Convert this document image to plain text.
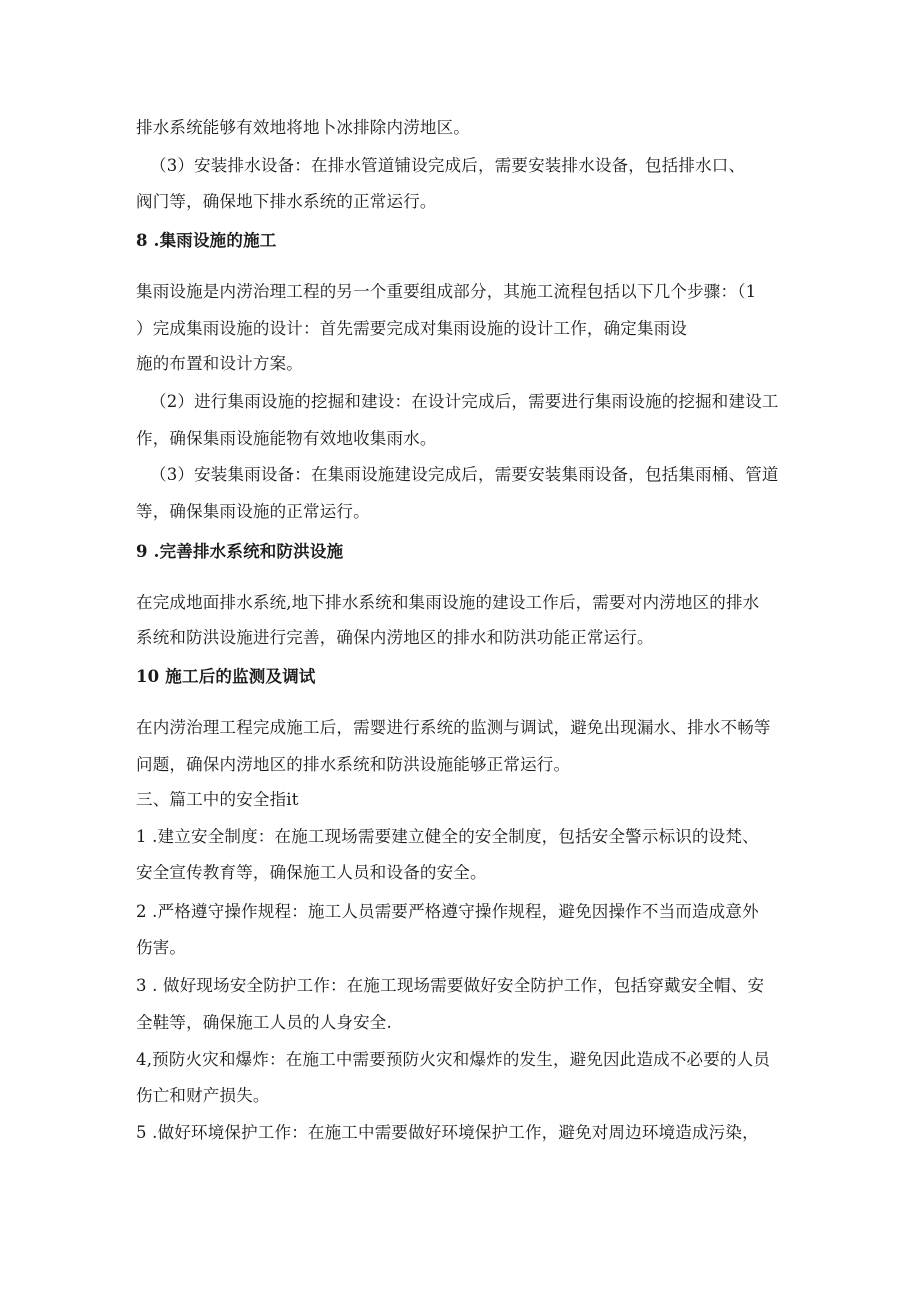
排水系统能够有效地将地卜冰排除内涝地区。
（3）安装排水设备：在排水管道铺设完成后，需要安装排水设备，包括排水口、
阀门等，确保地下排水系统的正常运行。
8 .集雨设施的施工
集雨设施是内涝治理工程的另一个重要组成部分，其施工流程包括以下几个步骤：（1
）完成集雨设施的设计：首先需要完成对集雨设施的设计工作，确定集雨设
施的布置和设计方案。
（2）进行集雨设施的挖掘和建设：在设计完成后，需要进行集雨设施的挖掘和建设工
作，确保集雨设施能物有效地收集雨水。
（3）安装集雨设备：在集雨设施建设完成后，需要安装集雨设备，包括集雨桶、管道
等，确保集雨设施的正常运行。
9 .完善排水系统和防洪设施
在完成地面排水系统,地下排水系统和集雨设施的建设工作后，需要对内涝地区的排水
系统和防洪设施进行完善，确保内涝地区的排水和防洪功能正常运行。
10 施工后的监测及调试
在内涝治理工程完成施工后，需婴进行系统的监测与调试，避免出现漏水、排水不畅等
问题，确保内涝地区的排水系统和防洪设施能够正常运行。
三、篇工中的安全指it
1 .建立安全制度：在施工现场需要建立健全的安全制度，包括安全警示标识的设梵、
安全宣传教育等，确保施工人员和设备的安全。
2 .严格遵守操作规程：施工人员需要严格遵守操作规程，避免因操作不当而造成意外
伤害。
3 . 做好现场安全防护工作：在施工现场需要做好安全防护工作，包括穿戴安全帽、安
全鞋等，确保施工人员的人身安全.
4,预防火灾和爆炸：在施工中需要预防火灾和爆炸的发生，避免因此造成不必要的人员
伤亡和财产损失。
5 .做好环境保护工作：在施工中需要做好环境保护工作，避免对周边环境造成污染，
